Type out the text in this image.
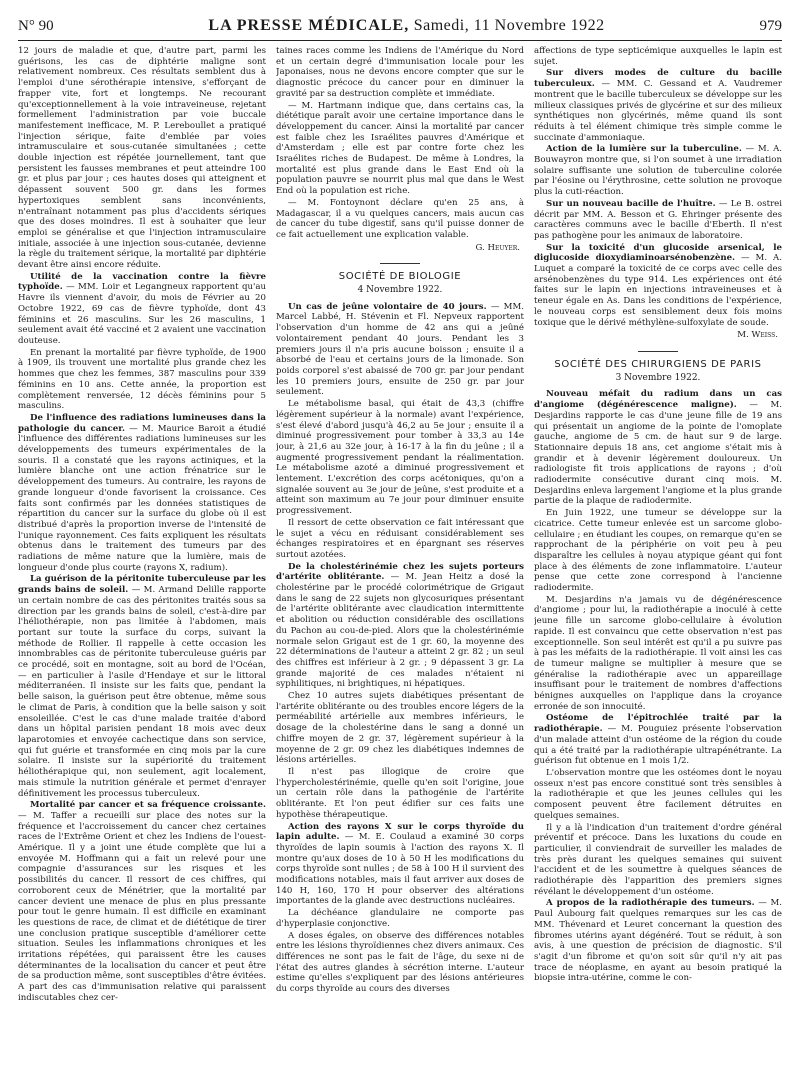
N° 90	LA PRESSE MÉDICALE, Samedi, 11 Novembre 1922	979

12 jours de maladie et que, d'autre part, parmi les guérisons, les cas de diphtérie maligne sont relativement nombreux. Ces résultats semblent dus à l'emploi d'une sérothérapie intensive, s'efforçant de frapper vite, fort et longtemps. Ne recourant qu'exceptionnellement à la voie intraveineuse, rejetant formellement l'administration par voie buccale manifestement inefficace, M. P. Lereboullet a pratiqué l'injection sérique, faite d'emblée par voies intramusculaire et sous-cutanée simultanées ; cette double injection est répétée journellement, tant que persistent les fausses membranes et peut atteindre 100 gr. et plus par jour ; ces hautes doses qui atteignent et dépassent souvent 500 gr. dans les formes hypertoxiques semblent sans inconvénients, n'entraînant notamment pas plus d'accidents sériques que des doses moindres. Il est à souhaiter que leur emploi se généralise et que l'injection intramusculaire initiale, associée à une injection sous-cutanée, devienne la règle du traitement sérique, la mortalité par diphtérie devant être ainsi encore réduite.

Utilité de la vaccination contre la fièvre typhoïde. — MM. Loir et Legangneux rapportent qu'au Havre ils viennent d'avoir, du mois de Février au 20 Octobre 1922, 69 cas de fièvre typhoïde, dont 43 féminins et 26 masculins. Sur les 26 masculins, 1 seulement avait été vacciné et 2 avaient une vaccination douteuse.

En prenant la mortalité par fièvre typhoïde, de 1900 à 1909, ils trouvent une mortalité plus grande chez les hommes que chez les femmes, 387 masculins pour 339 féminins en 10 ans. Cette année, la proportion est complètement renversée, 12 décès féminins pour 5 masculins.

De l'influence des radiations lumineuses dans la pathologie du cancer. — M. Maurice Baroit a étudié l'influence des différentes radiations lumineuses sur les développements des tumeurs expérimentales de la souris. Il a constaté que les rayons actiniques, et la lumière blanche ont une action frénatrice sur le développement des tumeurs. Au contraire, les rayons de grande longueur d'onde favorisent la croissance. Ces faits sont confirmés par les données statistiques de répartition du cancer sur la surface du globe où il est distribué d'après la proportion inverse de l'intensité de l'unique rayonnement. Ces faits expliquent les résultats obtenus dans le traitement des tumeurs par des radiations de même nature que la lumière, mais de longueur d'onde plus courte (rayons X, radium).

La guérison de la péritonite tuberculeuse par les grands bains de soleil. — M. Armand Delille rapporte un certain nombre de cas des péritonites traités sous sa direction par les grands bains de soleil, c'est-à-dire par l'héliothérapie, non pas limitée à l'abdomen, mais portant sur toute la surface du corps, suivant la méthode de Rollier. Il rappelle à cette occasion les innombrables cas de péritonite tuberculeuse guéris par ce procédé, soit en montagne, soit au bord de l'Océan, — en particulier à l'asile d'Hendaye et sur le littoral méditerranéen. Il insiste sur les faits que, pendant la belle saison, la guérison peut être obtenue, même sous le climat de Paris, à condition que la belle saison y soit ensoleillée. C'est le cas d'une malade traitée d'abord dans un hôpital parisien pendant 18 mois avec deux laparotomies et envoyée cachectique dans son service, qui fut guérie et transformée en cinq mois par la cure solaire. Il insiste sur la supériorité du traitement héliothérapique qui, non seulement, agit localement, mais stimule la nutrition générale et permet d'enrayer définitivement les processus tuberculeux.

Mortalité par cancer et sa fréquence croissante. — M. Taffer a recueilli sur place des notes sur la fréquence et l'accroissement du cancer chez certaines races de l'Extrême Orient et chez les Indiens de l'ouest-Amérique. Il y a joint une étude complète que lui a envoyée M. Hoffmann qui a fait un relevé pour une compagnie d'assurances sur les risques et les possibilités du cancer. Il ressort de ces chiffres, qui corroborent ceux de Ménétrier, que la mortalité par cancer devient une menace de plus en plus pressante pour tout le genre humain. Il est difficile en examinant les questions de race, de climat et de diététique de tirer une conclusion pratique susceptible d'améliorer cette situation. Seules les inflammations chroniques et les irritations répétées, qui paraissent être les causes déterminantes de la localisation du cancer et peut être de sa production même, sont susceptibles d'être évitées. A part des cas d'immunisation relative qui paraissent indiscutables chez cer-

taines races comme les Indiens de l'Amérique du Nord et un certain degré d'immunisation locale pour les Japonaises, nous ne devons encore compter que sur le diagnostic précoce du cancer pour en diminuer la gravité par sa destruction complète et immédiate.

— M. Hartmann indique que, dans certains cas, la diététique paraît avoir une certaine importance dans le développement du cancer. Ainsi la mortalité par cancer est faible chez les Israélites pauvres d'Amérique et d'Amsterdam ; elle est par contre forte chez les Israélites riches de Budapest. De même à Londres, la mortalité est plus grande dans le East End où la population pauvre se nourrit plus mal que dans le West End où la population est riche.

— M. Fontoynont déclare qu'en 25 ans, à Madagascar, il a vu quelques cancers, mais aucun cas de cancer du tube digestif, sans qu'il puisse donner de ce fait actuellement une explication valable.

G. Heuyer.
SOCIÉTÉ DE BIOLOGIE
4 Novembre 1922.

Un cas de jeûne volontaire de 40 jours. — MM. Marcel Labbé, H. Stévenin et Fl. Nepveux rapportent l'observation d'un homme de 42 ans qui a jeûné volontairement pendant 40 jours. Pendant les 3 premiers jours il n'a pris aucune boisson ; ensuite il a absorbé de l'eau et certains jours de la limonade. Son poids corporel s'est abaissé de 700 gr. par jour pendant les 10 premiers jours, ensuite de 250 gr. par jour seulement.

Le métabolisme basal, qui était de 43,3 (chiffre légèrement supérieur à la normale) avant l'expérience, s'est élevé d'abord jusqu'à 46,2 au 5e jour ; ensuite il a diminué progressivement pour tomber à 33,3 au 14e jour, à 21,6 au 32e jour, à 16-17 à la fin du jeûne ; il a augmenté progressivement pendant la réalimentation. Le métabolisme azoté a diminué progressivement et lentement. L'excrétion des corps acétoniques, qu'on a signalée souvent au 3e jour de jeûne, s'est produite et a atteint son maximum au 7e jour pour diminuer ensuite progressivement.

Il ressort de cette observation ce fait intéressant que le sujet a vécu en réduisant considérablement ses échanges respiratoires et en épargnant ses réserves surtout azotées.

De la cholestérinémie chez les sujets porteurs d'artérite oblitérante. — M. Jean Heitz a dosé la cholestérine par le procédé colorimétrique de Grigaut dans le sang de 22 sujets non glycosuriques présentant de l'artérite oblitérante avec claudication intermittente et abolition ou réduction considérable des oscillations du Pachon au cou-de-pied. Alors que la cholestérinémie normale selon Grigaut est de 1 gr. 60, la moyenne des 22 déterminations de l'auteur a atteint 2 gr. 82 ; un seul des chiffres est inférieur à 2 gr. ; 9 dépassent 3 gr. La grande majorité de ces malades n'étaient ni syphilitiques, ni brightiques, ni hépatiques.

Chez 10 autres sujets diabétiques présentant de l'artérite oblitérante ou des troubles encore légers de la perméabilité artérielle aux membres inférieurs, le dosage de la cholestérine dans le sang a donné un chiffre moyen de 2 gr. 37, légèrement supérieur à la moyenne de 2 gr. 09 chez les diabétiques indemnes de lésions artérielles.

Il n'est pas illogique de croire que l'hypercholestérinémie, quelle qu'en soit l'origine, joue un certain rôle dans la pathogénie de l'artérite oblitérante. Et l'on peut édifier sur ces faits une hypothèse thérapeutique.

Action des rayons X sur le corps thyroïde du lapin adulte. — M. E. Coulaud a examiné 30 corps thyroïdes de lapin soumis à l'action des rayons X. Il montre qu'aux doses de 10 à 50 H les modifications du corps thyroïde sont nulles ; de 58 à 100 H il survient des modifications notables, mais il faut arriver aux doses de 140 H, 160, 170 H pour observer des altérations importantes de la glande avec destructions nucléaires.

La déchéance glandulaire ne comporte pas d'hyperplasie conjonctive.

A doses égales, on observe des différences notables entre les lésions thyroïdiennes chez divers animaux. Ces différences ne sont pas le fait de l'âge, du sexe ni de l'état des autres glandes à sécrétion interne. L'auteur estime qu'elles s'expliquent par des lésions antérieures du corps thyroïde au cours des diverses

affections de type septicémique auxquelles le lapin est sujet.

Sur divers modes de culture du bacille tuberculeux. — MM. C. Gessand et A. Vaudremer montrent que le bacille tuberculeux se développe sur les milieux classiques privés de glycérine et sur des milieux synthétiques non glycérinés, même quand ils sont réduits à tel élément chimique très simple comme le succinate d'ammoniaque.

Action de la lumière sur la tuberculine. — M. A. Bouwayron montre que, si l'on soumet à une irradiation solaire suffisante une solution de tuberculine colorée par l'éosine ou l'érythrosine, cette solution ne provoque plus la cuti-réaction.

Sur un nouveau bacille de l'huître. — Le B. ostrei décrit par MM. A. Besson et G. Ehringer présente des caractères communs avec le bacille d'Eberth. Il n'est pas pathogène pour les animaux de laboratoire.

Sur la toxicité d'un glucoside arsenical, le diglucoside dioxydiaminoarsénobenzène. — M. A. Luquet a comparé la toxicité de ce corps avec celle des arsénobenzènes du type 914. Les expériences ont été faites sur le lapin en injections intraveineuses et à teneur égale en As. Dans les conditions de l'expérience, le nouveau corps est sensiblement deux fois moins toxique que le dérivé méthylène-sulfoxylate de soude.

M. Weiss.
SOCIÉTÉ DES CHIRURGIENS DE PARIS
3 Novembre 1922.

Nouveau méfait du radium dans un cas d'angiome (dégénérescence maligne). — M. Desjardins rapporte le cas d'une jeune fille de 19 ans qui présentait un angiome de la pointe de l'omoplate gauche, angiome de 5 cm. de haut sur 9 de large. Stationnaire depuis 18 ans, cet angiome s'était mis à grandir et à devenir légèrement douloureux. Un radiologiste fit trois applications de rayons ; d'où radiodermite consécutive durant cinq mois. M. Desjardins enleva largement l'angiome et la plus grande partie de la plaque de radiodermite.

En Juin 1922, une tumeur se développe sur la cicatrice. Cette tumeur enlevée est un sarcome globo-cellulaire ; en étudiant les coupes, on remarque qu'en se rapprochant de la périphérie on voit peu à peu disparaître les cellules à noyau atypique géant qui font place à des éléments de zone inflammatoire. L'auteur pense que cette zone correspond à l'ancienne radiodermite.

M. Desjardins n'a jamais vu de dégénérescence d'angiome ; pour lui, la radiothérapie a inoculé à cette jeune fille un sarcome globo-cellulaire à évolution rapide. Il est convaincu que cette observation n'est pas exceptionnelle. Son seul intérêt est qu'il a pu suivre pas à pas les méfaits de la radiothérapie. Il voit ainsi les cas de tumeur maligne se multiplier à mesure que se généralise la radiothérapie avec un appareillage insuffisant pour le traitement de nombres d'affections bénignes auxquelles on l'applique dans la croyance erronée de son innocuité.

Ostéome de l'épitrochlée traité par la radiothérapie. — M. Pouguiez présente l'observation d'un malade atteint d'un ostéome de la région du coude qui a été traité par la radiothérapie ultrapénétrante. La guérison fut obtenue en 1 mois 1/2.

L'observation montre que les ostéomes dont le noyau osseux n'est pas encore constitué sont très sensibles à la radiothérapie et que les jeunes cellules qui les composent peuvent être facilement détruites en quelques semaines.

Il y a là l'indication d'un traitement d'ordre général préventif et précoce. Dans les luxations du coude en particulier, il conviendrait de surveiller les malades de très près durant les quelques semaines qui suivent l'accident et de les soumettre à quelques séances de radiothérapie dès l'apparition des premiers signes révélant le développement d'un ostéome.

A propos de la radiothérapie des tumeurs. — M. Paul Aubourg fait quelques remarques sur les cas de MM. Thévenard et Leuret concernant la question des fibromes utérins ayant dégénéré. Tout se réduit, à son avis, à une question de précision de diagnostic. S'il s'agit d'un fibrome et qu'on soit sûr qu'il n'y ait pas trace de néoplasme, en ayant au besoin pratiqué la biopsie intra-utérine, comme le con-
